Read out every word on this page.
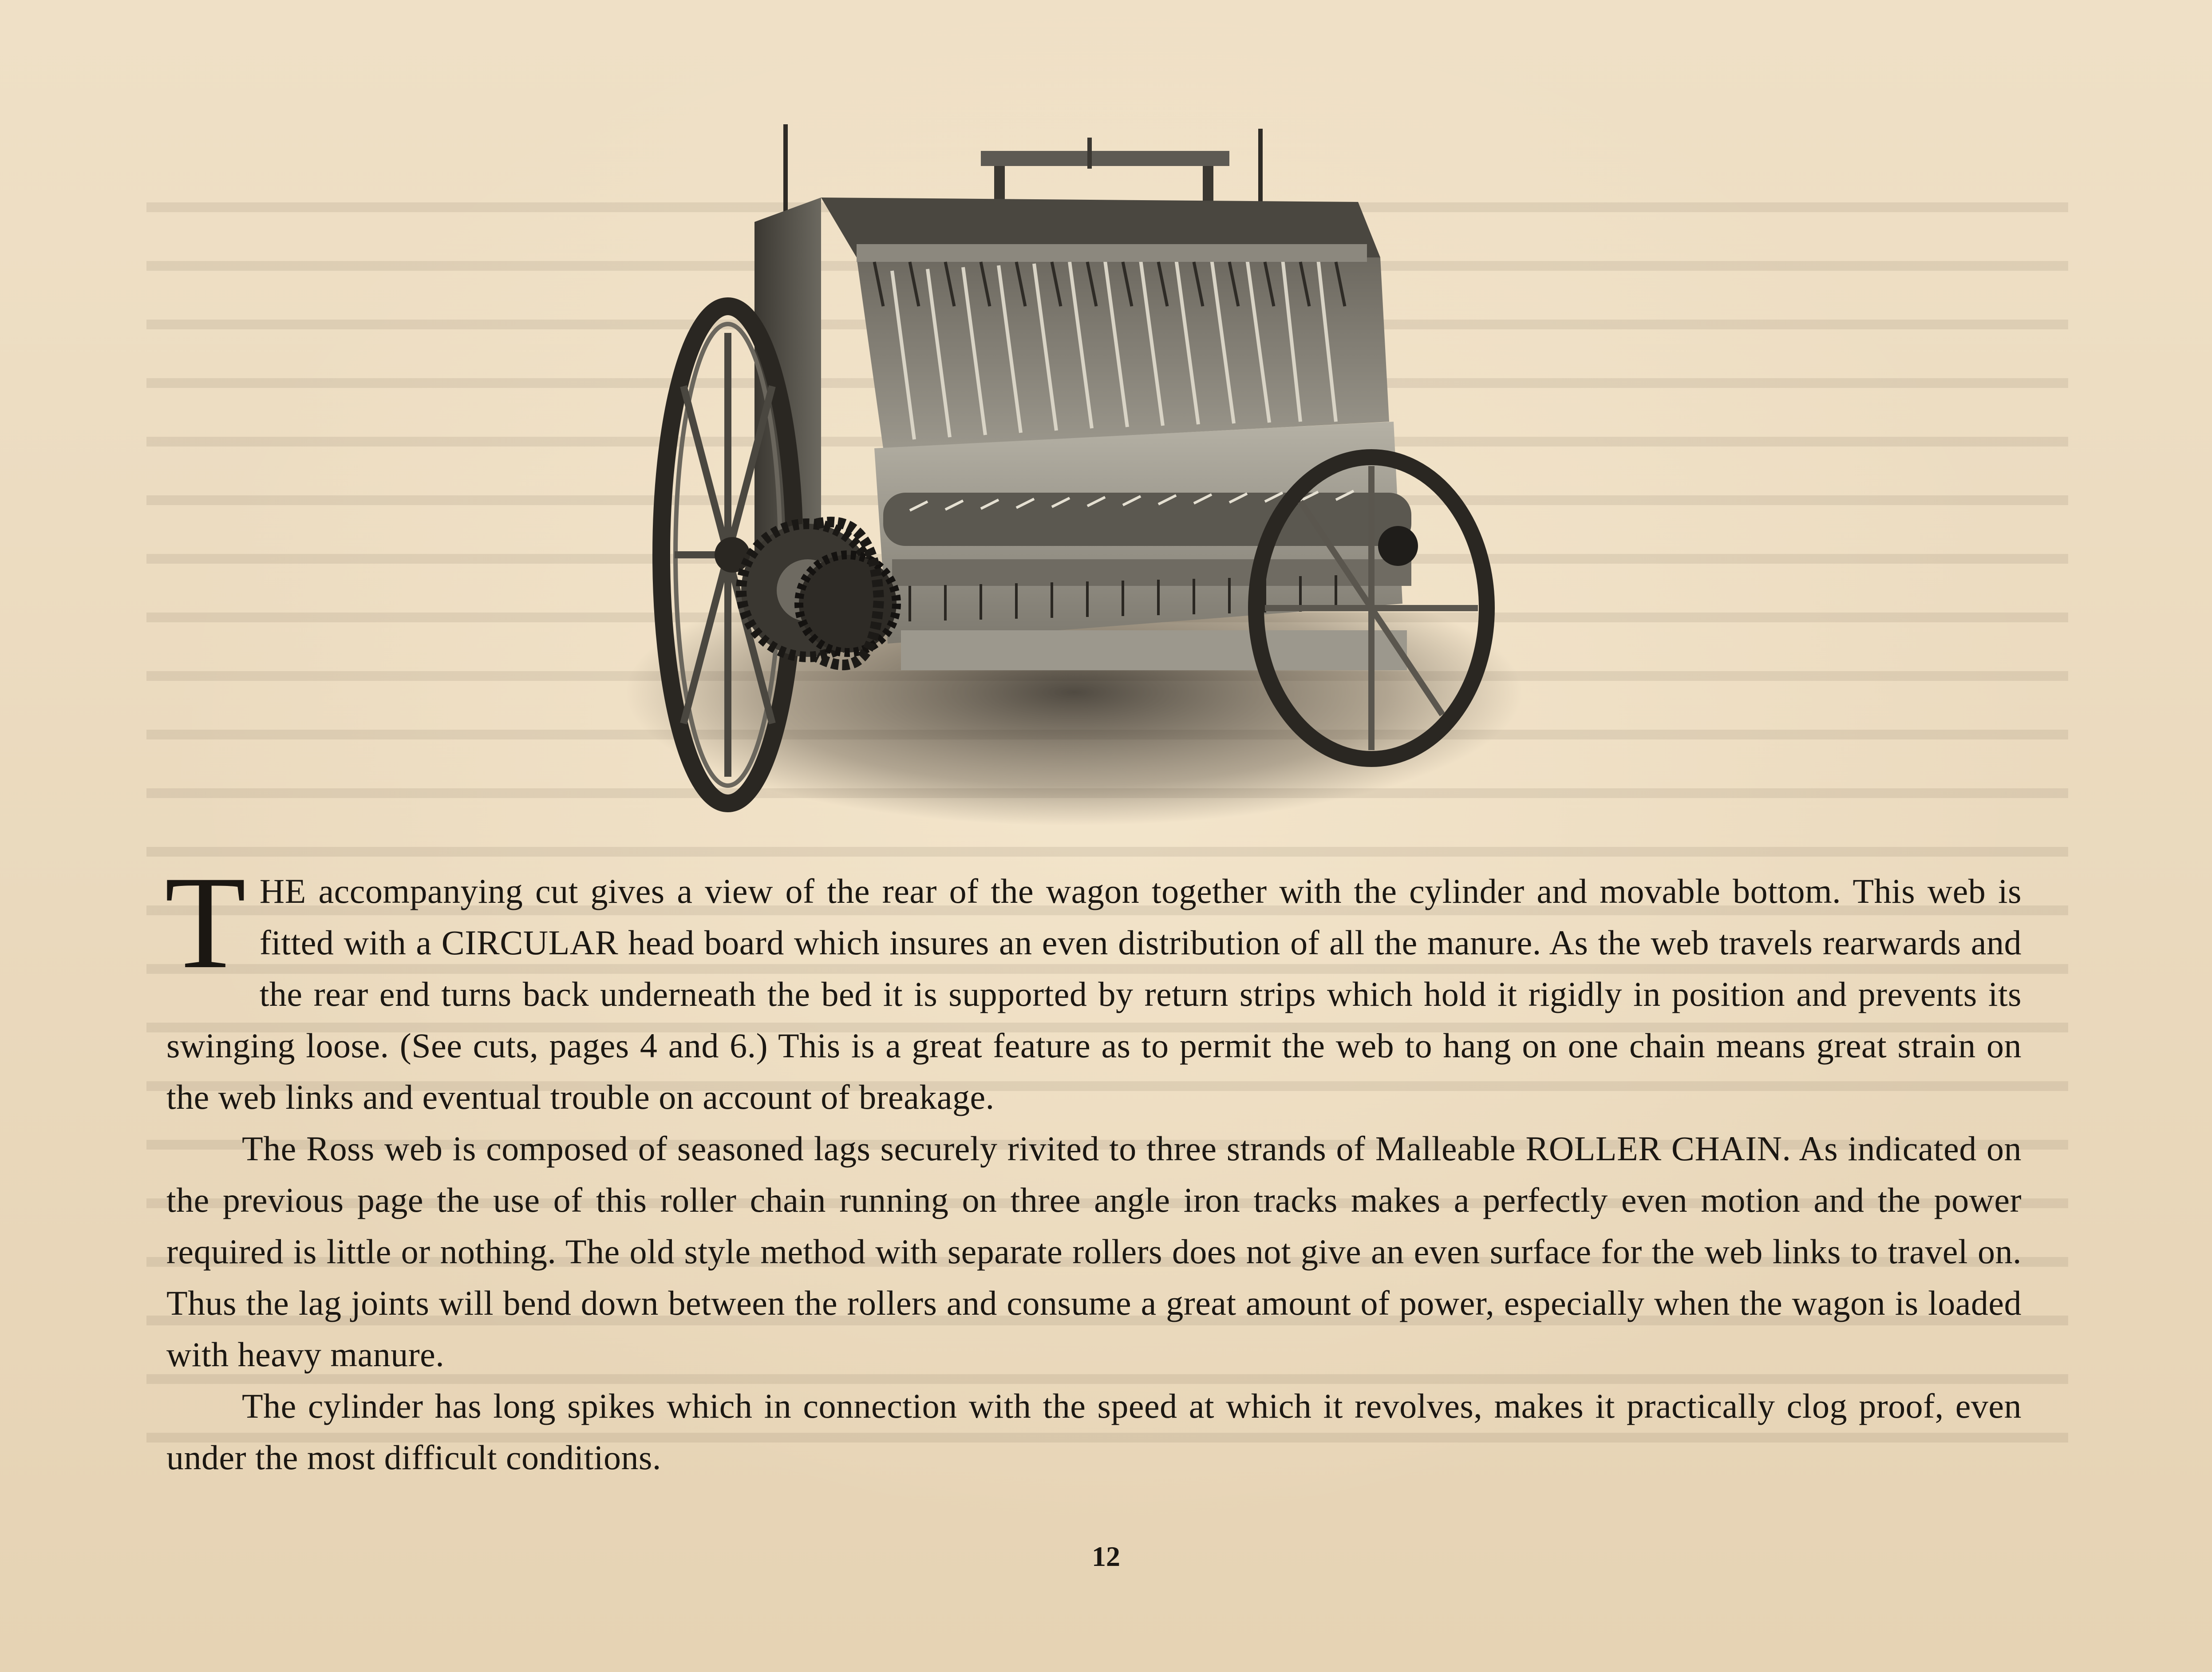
THE accompanying cut gives a view of the rear of the wagon together with the cylinder and movable bottom. This web is fitted with a CIRCULAR head board which insures an even distribution of all the manure. As the web travels rearwards and the rear end turns back underneath the bed it is supported by return strips which hold it rigidly in position and prevents its swinging loose. (See cuts, pages 4 and 6.) This is a great feature as to permit the web to hang on one chain means great strain on the web links and eventual trouble on account of breakage.

The Ross web is composed of seasoned lags securely rivited to three strands of Malleable ROLLER CHAIN. As indicated on the previous page the use of this roller chain running on three angle iron tracks makes a perfectly even motion and the power required is little or nothing. The old style method with separate rollers does not give an even surface for the web links to travel on. Thus the lag joints will bend down between the rollers and consume a great amount of power, especially when the wagon is loaded with heavy manure.

The cylinder has long spikes which in connection with the speed at which it revolves, makes it practically clog proof, even under the most difficult conditions.

12
